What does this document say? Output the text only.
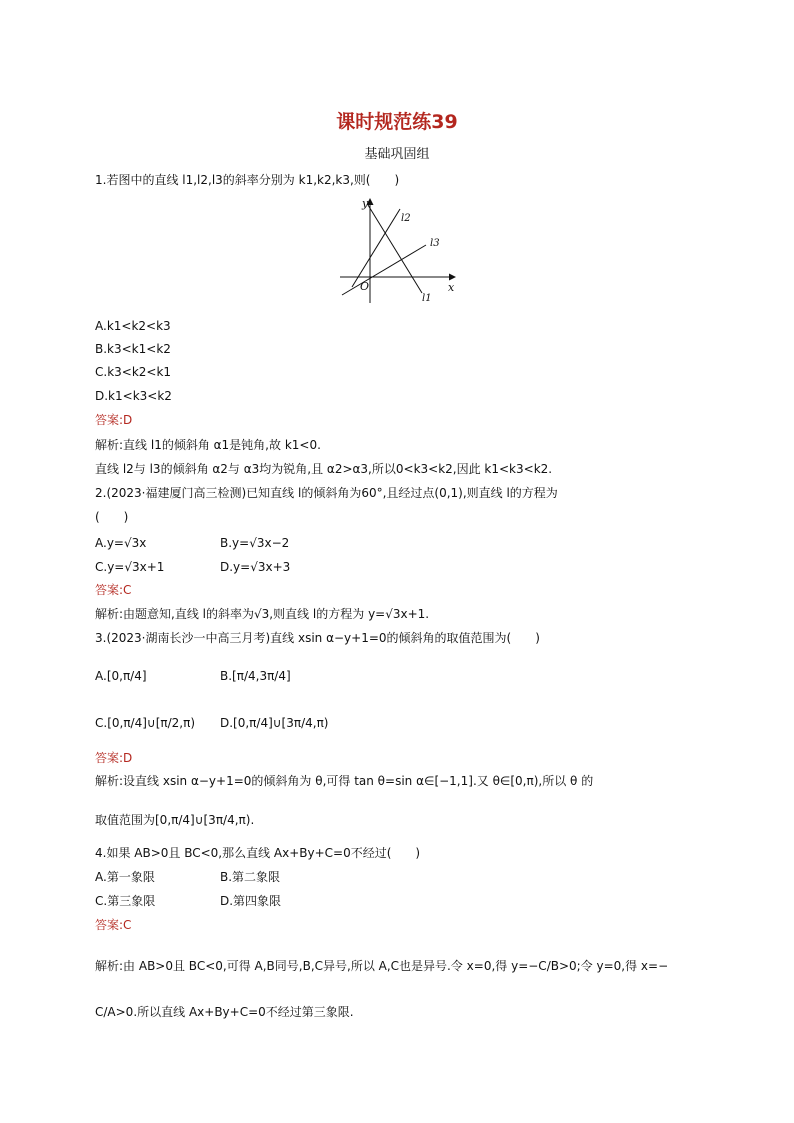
课时规范练39
基础巩固组
1.若图中的直线 l1,l2,l3的斜率分别为 k1,k2,k3,则(　　)
y
x
O
l1
l2
l3
A.k1<k2<k3
B.k3<k1<k2
C.k3<k2<k1
D.k1<k3<k2
答案:D
解析:直线 l1的倾斜角 α1是钝角,故 k1<0.
直线 l2与 l3的倾斜角 α2与 α3均为锐角,且 α2>α3,所以0<k3<k2,因此 k1<k3<k2.
2.(2023·福建厦门高三检测)已知直线 l的倾斜角为60°,且经过点(0,1),则直线 l的方程为
(　　)
A.y=√3x	B.y=√3x−2
C.y=√3x+1	D.y=√3x+3
答案:C
解析:由题意知,直线 l的斜率为√3,则直线 l的方程为 y=√3x+1.
3.(2023·湖南长沙一中高三月考)直线 xsin α−y+1=0的倾斜角的取值范围为(　　)
A.[0,π/4]	B.[π/4,3π/4]
C.[0,π/4]∪[π/2,π) D.[0,π/4]∪[3π/4,π)
答案:D
解析:设直线 xsin α−y+1=0的倾斜角为 θ,可得 tan θ=sin α∈[−1,1].又 θ∈[0,π),所以 θ 的
取值范围为[0,π/4]∪[3π/4,π).
4.如果 AB>0且 BC<0,那么直线 Ax+By+C=0不经过(　　)
A.第一象限	B.第二象限
C.第三象限	D.第四象限
答案:C
解析:由 AB>0且 BC<0,可得 A,B同号,B,C异号,所以 A,C也是异号.令 x=0,得 y=−C/B>0;令 y=0,得 x=−
C/A>0.所以直线 Ax+By+C=0不经过第三象限.
